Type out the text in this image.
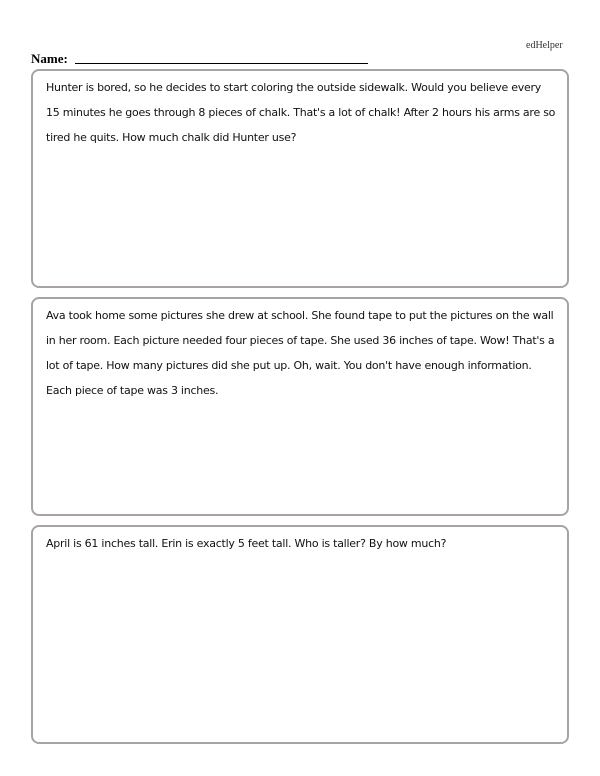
edHelper
Name:

Hunter is bored, so he decides to start coloring the outside sidewalk. Would you believe every 15 minutes he goes through 8 pieces of chalk. That's a lot of chalk! After 2 hours his arms are so tired he quits. How much chalk did Hunter use?

Ava took home some pictures she drew at school. She found tape to put the pictures on the wall in her room. Each picture needed four pieces of tape. She used 36 inches of tape. Wow! That's a lot of tape. How many pictures did she put up. Oh, wait. You don't have enough information. Each piece of tape was 3 inches.

April is 61 inches tall. Erin is exactly 5 feet tall. Who is taller? By how much?
